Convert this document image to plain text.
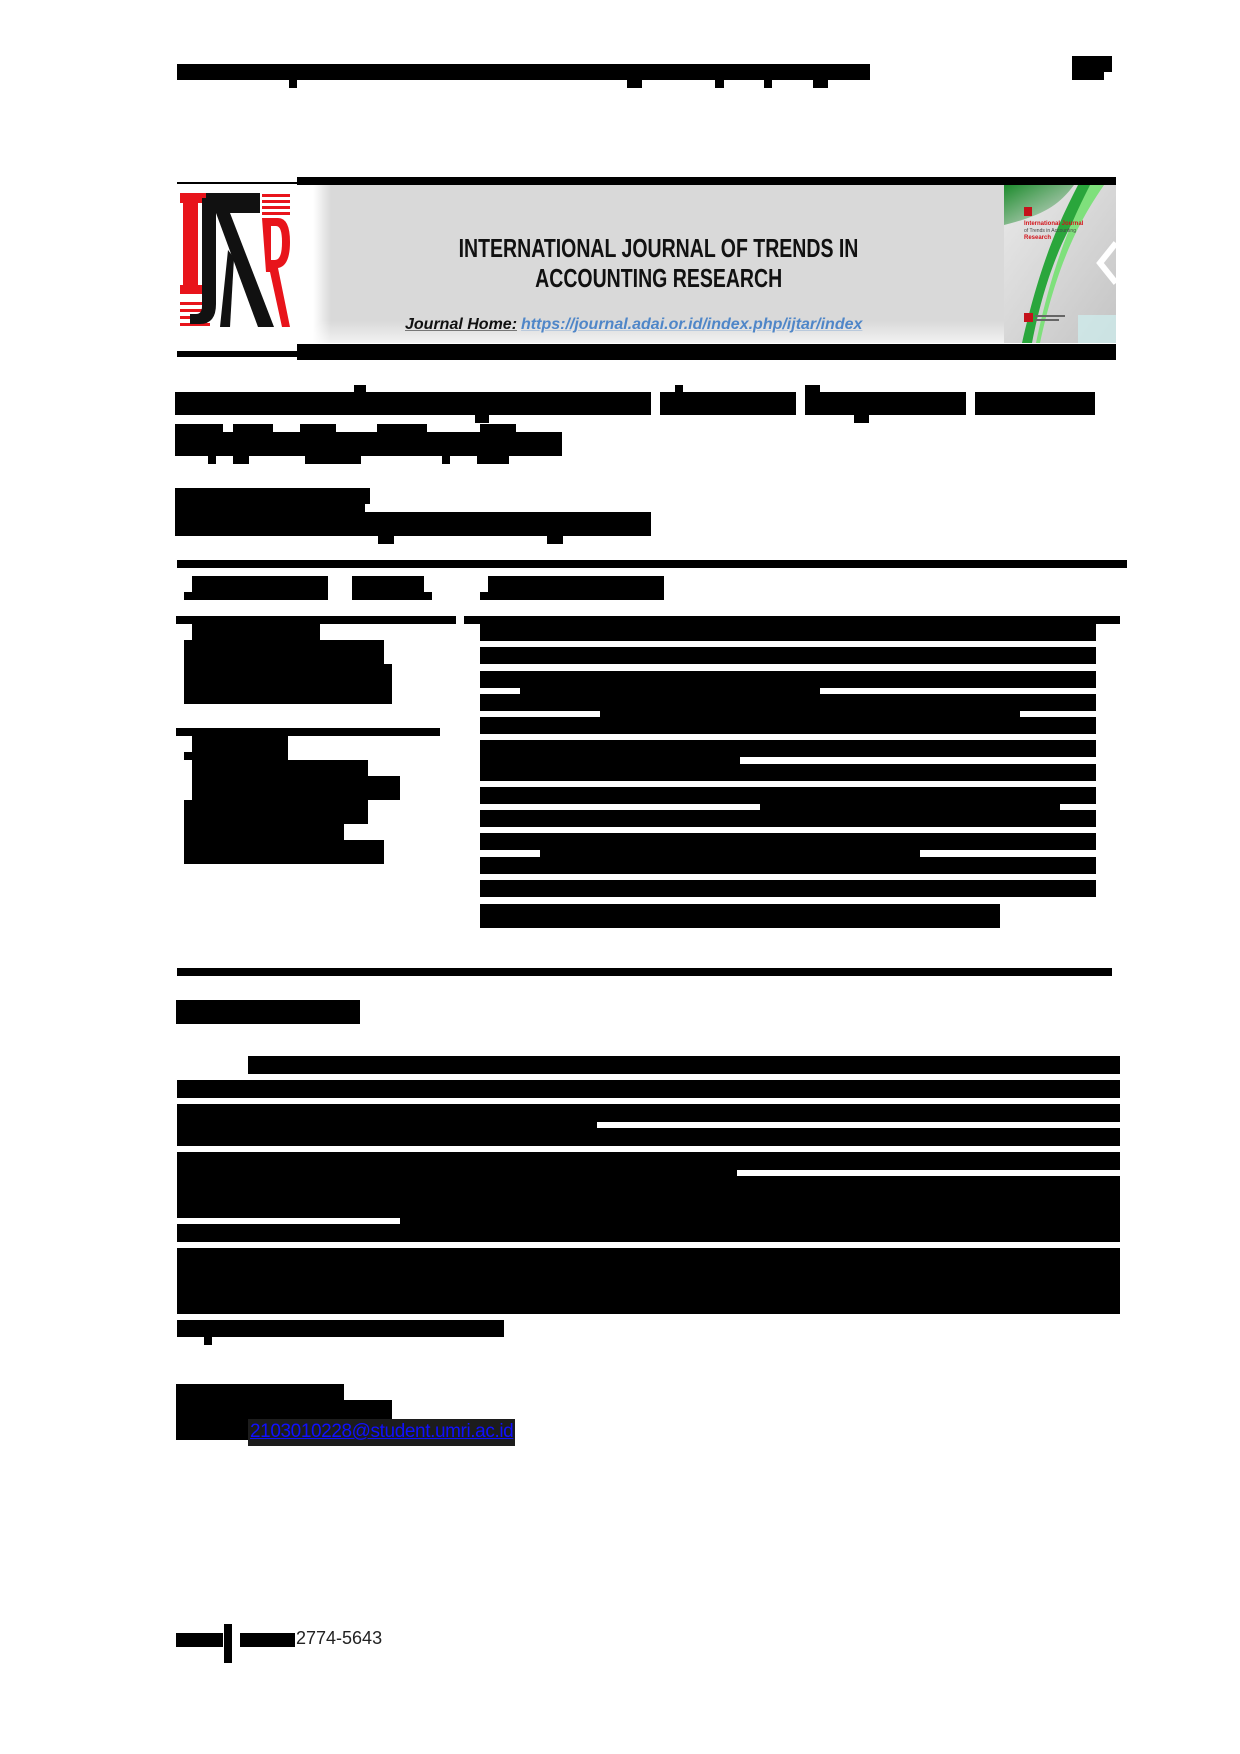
INTERNATIONAL JOURNAL OF TRENDS IN
ACCOUNTING RESEARCH
Journal Home: https://journal.adai.or.id/index.php/ijtar/index
International Journal
of Trends in Accounting
Research
2103010228@student.umri.ac.id
2774-5643
